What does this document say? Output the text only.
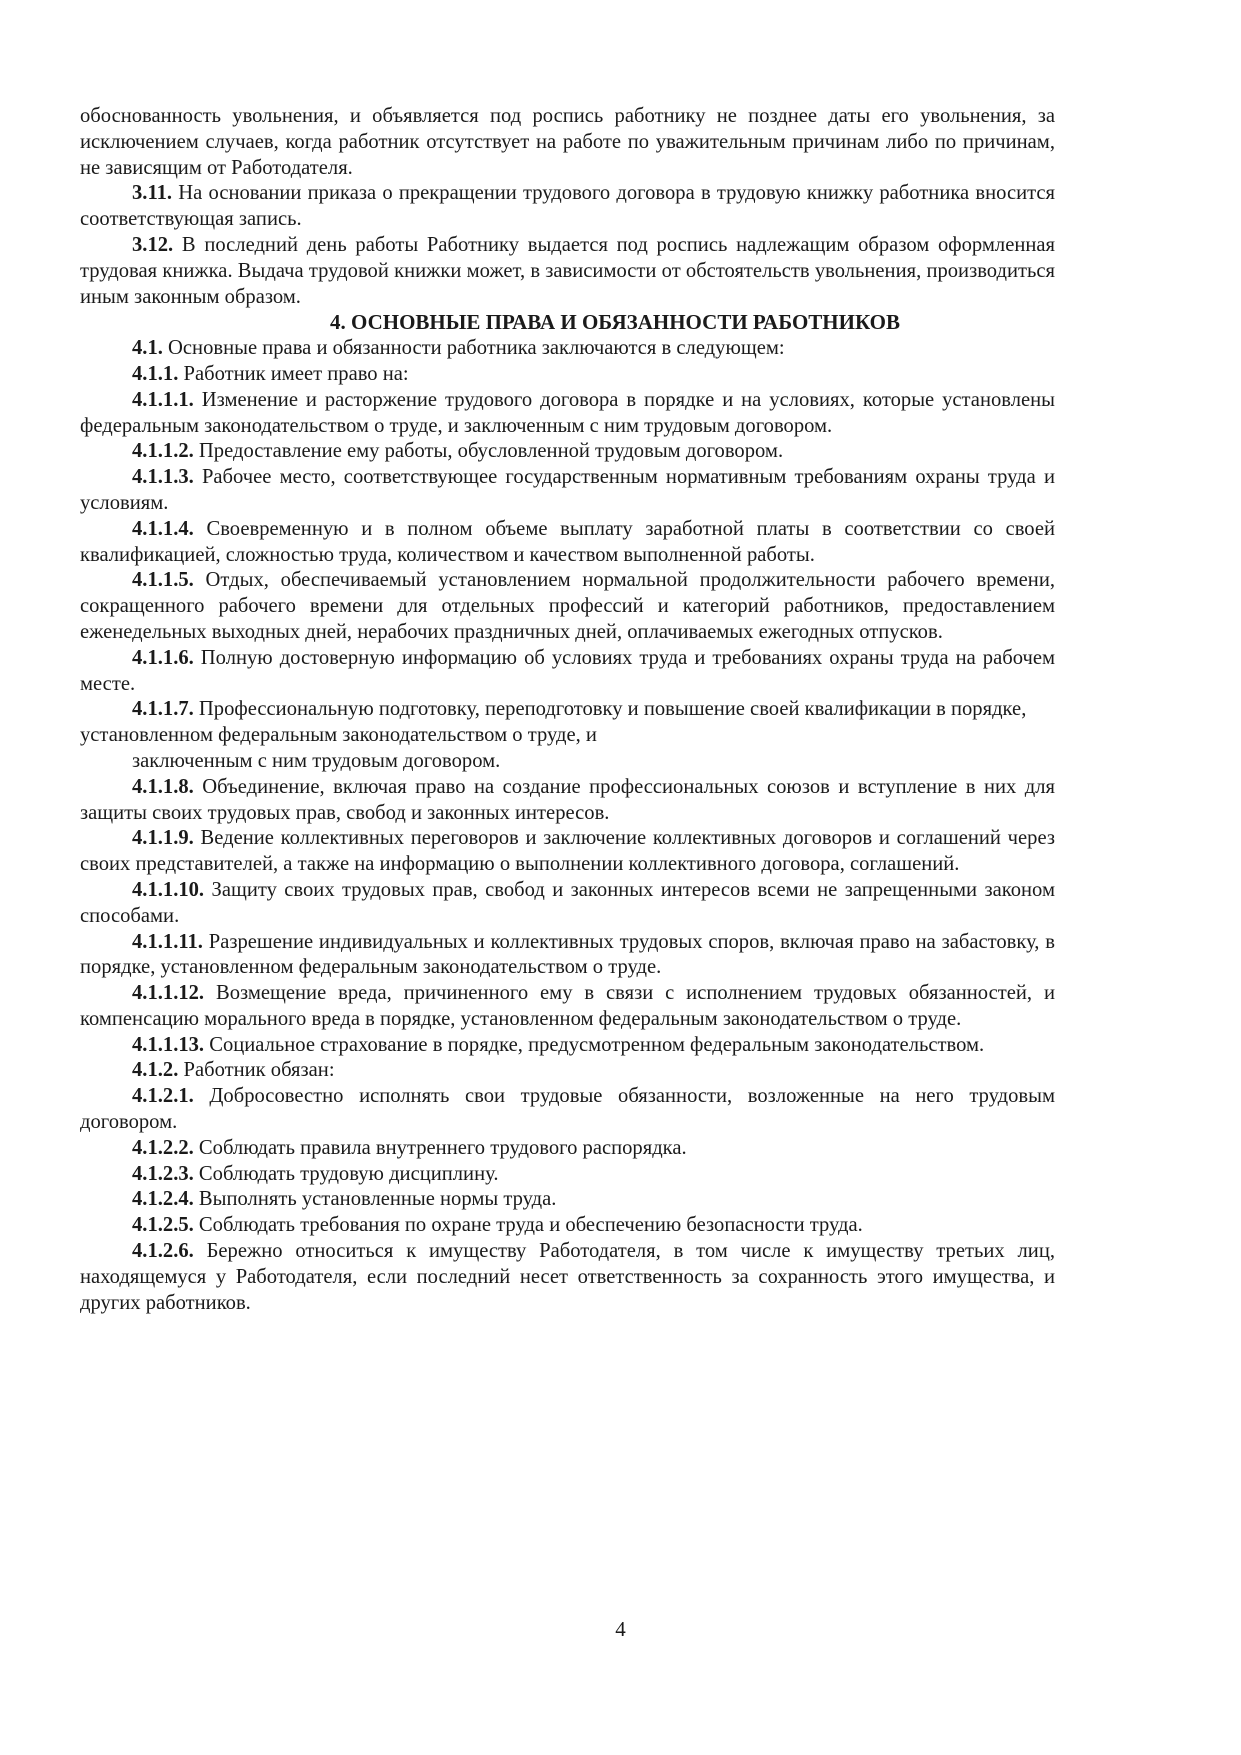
обоснованность увольнения, и объявляется под роспись работнику не позднее даты его увольнения, за исключением случаев, когда работник отсутствует на работе по уважительным причинам либо по причинам, не зависящим от Работодателя.

3.11. На основании приказа о прекращении трудового договора в трудовую книжку работника вносится соответствующая запись.

3.12. В последний день работы Работнику выдается под роспись надлежащим образом оформленная трудовая книжка. Выдача трудовой книжки может, в зависимости от обстоятельств увольнения, производиться иным законным образом.

4. ОСНОВНЫЕ ПРАВА И ОБЯЗАННОСТИ РАБОТНИКОВ

4.1. Основные права и обязанности работника заключаются в следующем:

4.1.1. Работник имеет право на:

4.1.1.1. Изменение и расторжение трудового договора в порядке и на условиях, которые установлены федеральным законодательством о труде, и заключенным с ним трудовым договором.

4.1.1.2. Предоставление ему работы, обусловленной трудовым договором.

4.1.1.3. Рабочее место, соответствующее государственным нормативным требованиям охраны труда и условиям.

4.1.1.4. Своевременную и в полном объеме выплату заработной платы в соответствии со своей квалификацией, сложностью труда, количеством и качеством выполненной работы.

4.1.1.5. Отдых, обеспечиваемый установлением нормальной продолжительности рабочего времени, сокращенного рабочего времени для отдельных профессий и категорий работников, предоставлением еженедельных выходных дней, нерабочих праздничных дней, оплачиваемых ежегодных отпусков.

4.1.1.6. Полную достоверную информацию об условиях труда и требованиях охраны труда на рабочем месте.

4.1.1.7. Профессиональную подготовку, переподготовку и повышение своей квалификации в порядке, установленном федеральным законодательством о труде, и

заключенным с ним трудовым договором.

4.1.1.8. Объединение, включая право на создание профессиональных союзов и вступление в них для защиты своих трудовых прав, свобод и законных интересов.

4.1.1.9. Ведение коллективных переговоров и заключение коллективных договоров и соглашений через своих представителей, а также на информацию о выполнении коллективного договора, соглашений.

4.1.1.10. Защиту своих трудовых прав, свобод и законных интересов всеми не запрещенными законом способами.

4.1.1.11. Разрешение индивидуальных и коллективных трудовых споров, включая право на забастовку, в порядке, установленном федеральным законодательством о труде.

4.1.1.12. Возмещение вреда, причиненного ему в связи с исполнением трудовых обязанностей, и компенсацию морального вреда в порядке, установленном федеральным законодательством о труде.

4.1.1.13. Социальное страхование в порядке, предусмотренном федеральным законодательством.

4.1.2. Работник обязан:

4.1.2.1. Добросовестно исполнять свои трудовые обязанности, возложенные на него трудовым договором.

4.1.2.2. Соблюдать правила внутреннего трудового распорядка.

4.1.2.3. Соблюдать трудовую дисциплину.

4.1.2.4. Выполнять установленные нормы труда.

4.1.2.5. Соблюдать требования по охране труда и обеспечению безопасности труда.

4.1.2.6. Бережно относиться к имуществу Работодателя, в том числе к имуществу третьих лиц, находящемуся у Работодателя, если последний несет ответственность за сохранность этого имущества, и других работников.

4
